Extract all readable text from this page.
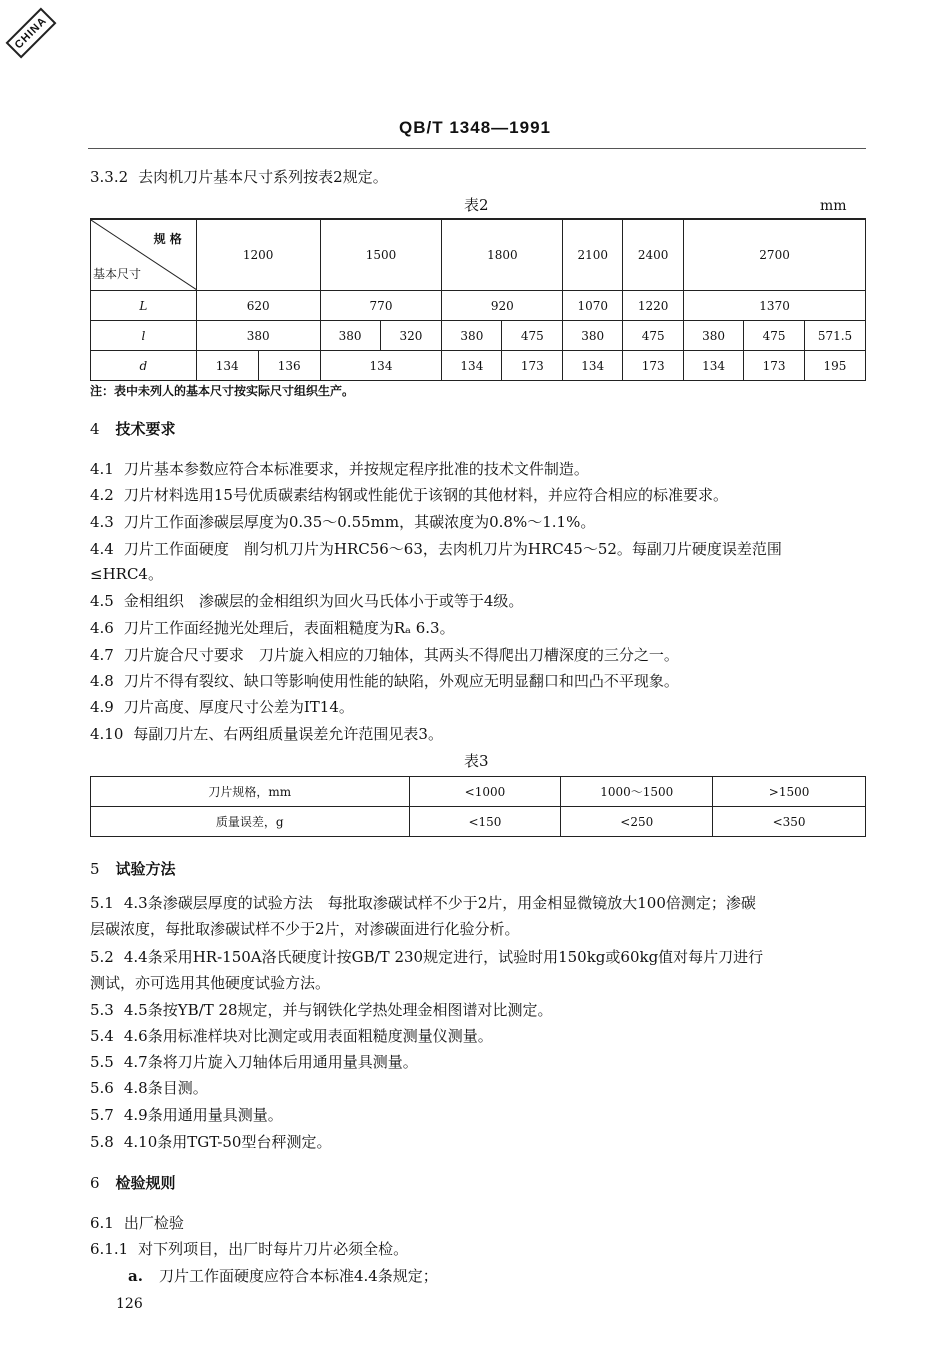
CHINA
QB/T 1348—1991
3.3.2 去肉机刀片基本尺寸系列按表2规定。
表2	mm
规 格
基本尺寸	1200		1500		1800		2100	2400	2700		
L	620		770		920		1070	1220	1370		
l	380		380	320	380	475	380	475	380	475	571.5
d	134	136	134		134	173	134	173	134	173	195
注：表中未列人的基本尺寸按实际尺寸组织生产。
4 技术要求
4.1 刀片基本参数应符合本标准要求，并按规定程序批准的技术文件制造。
4.2 刀片材料选用15号优质碳素结构钢或性能优于该钢的其他材料，并应符合相应的标准要求。
4.3 刀片工作面渗碳层厚度为0.35～0.55mm，其碳浓度为0.8%～1.1%。
4.4 刀片工作面硬度　削匀机刀片为HRC56～63，去肉机刀片为HRC45～52。每副刀片硬度误差范围
≤HRC4。
4.5 金相组织　渗碳层的金相组织为回火马氏体小于或等于4级。
4.6 刀片工作面经抛光处理后，表面粗糙度为Rₐ 6.3。
4.7 刀片旋合尺寸要求　刀片旋入相应的刀轴体，其两头不得爬出刀槽深度的三分之一。
4.8 刀片不得有裂纹、缺口等影响使用性能的缺陷，外观应无明显翻口和凹凸不平现象。
4.9 刀片高度、厚度尺寸公差为IT14。
4.10 每副刀片左、右两组质量误差允许范围见表3。
表3
刀片规格，mm	<1000	1000～1500	>1500
质量误差，g	<150	<250	<350
5 试验方法
5.1 4.3条渗碳层厚度的试验方法　每批取渗碳试样不少于2片，用金相显微镜放大100倍测定；渗碳
层碳浓度，每批取渗碳试样不少于2片，对渗碳面进行化验分析。
5.2 4.4条采用HR-150A洛氏硬度计按GB/T 230规定进行，试验时用150kg或60kg值对每片刀进行
测试，亦可选用其他硬度试验方法。
5.3 4.5条按YB/T 28规定，并与钢铁化学热处理金相图谱对比测定。
5.4 4.6条用标准样块对比测定或用表面粗糙度测量仪测量。
5.5 4.7条将刀片旋入刀轴体后用通用量具测量。
5.6 4.8条目测。
5.7 4.9条用通用量具测量。
5.8 4.10条用TGT-50型台秤测定。
6 检验规则
6.1 出厂检验
6.1.1 对下列项目，出厂时每片刀片必须全检。
a. 刀片工作面硬度应符合本标准4.4条规定；
126
